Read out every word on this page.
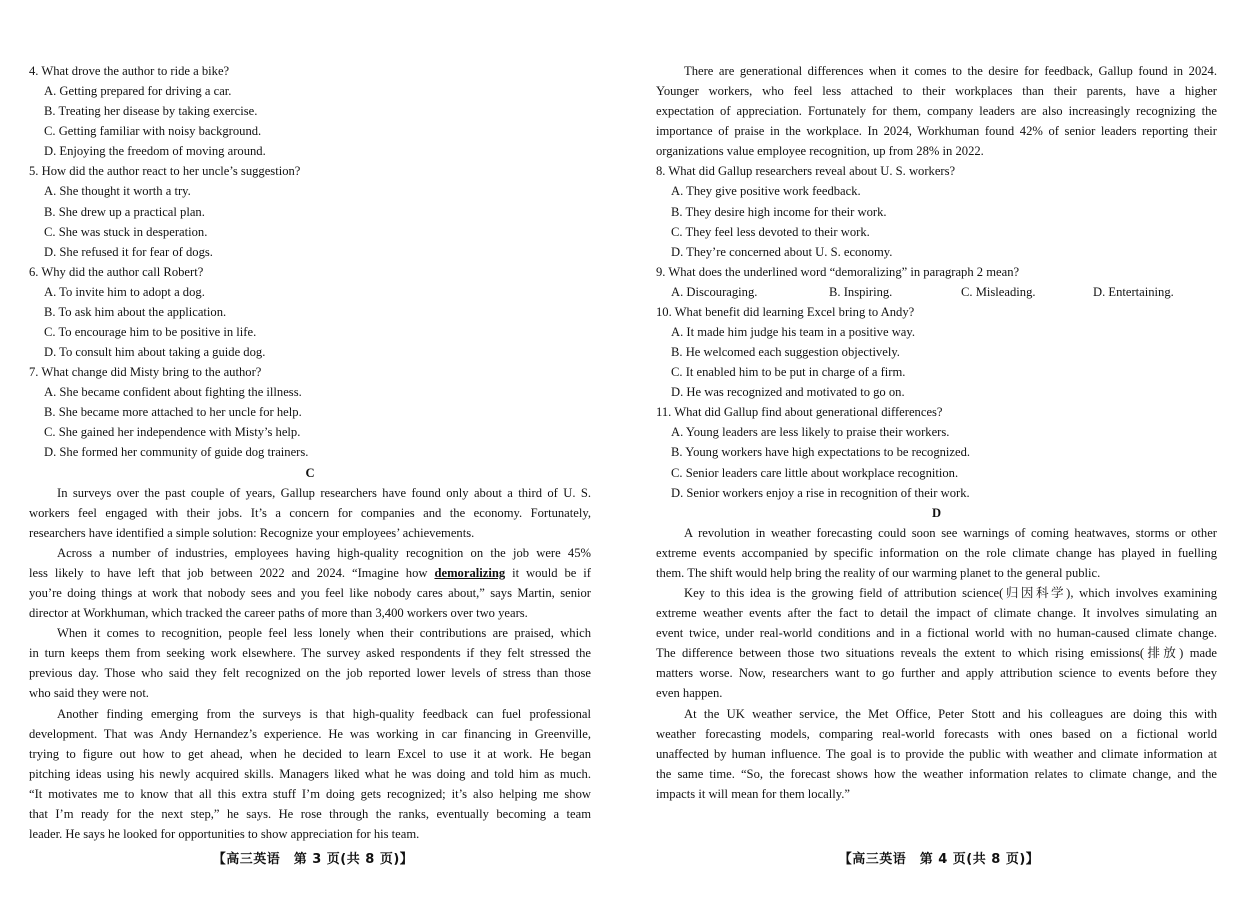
4. What drove the author to ride a bike?
A. Getting prepared for driving a car.
B. Treating her disease by taking exercise.
C. Getting familiar with noisy background.
D. Enjoying the freedom of moving around.
5. How did the author react to her uncle’s suggestion?
A. She thought it worth a try.
B. She drew up a practical plan.
C. She was stuck in desperation.
D. She refused it for fear of dogs.
6. Why did the author call Robert?
A. To invite him to adopt a dog.
B. To ask him about the application.
C. To encourage him to be positive in life.
D. To consult him about taking a guide dog.
7. What change did Misty bring to the author?
A. She became confident about fighting the illness.
B. She became more attached to her uncle for help.
C. She gained her independence with Misty’s help.
D. She formed her community of guide dog trainers.
C
In surveys over the past couple of years, Gallup researchers have found only about a third of U. S.
workers feel engaged with their jobs. It’s a concern for companies and the economy. Fortunately,
researchers have identified a simple solution: Recognize your employees’ achievements.
Across a number of industries, employees having high-quality recognition on the job were 45%
less likely to have left that job between 2022 and 2024. “Imagine how demoralizing it would be if
you’re doing things at work that nobody sees and you feel like nobody cares about,” says Martin, senior
director at Workhuman, which tracked the career paths of more than 3,400 workers over two years.
When it comes to recognition, people feel less lonely when their contributions are praised, which
in turn keeps them from seeking work elsewhere. The survey asked respondents if they felt stressed the
previous day. Those who said they felt recognized on the job reported lower levels of stress than those
who said they were not.
Another finding emerging from the surveys is that high-quality feedback can fuel professional
development. That was Andy Hernandez’s experience. He was working in car financing in Greenville,
trying to figure out how to get ahead, when he decided to learn Excel to use it at work. He began
pitching ideas using his newly acquired skills. Managers liked what he was doing and told him as much.
“It motivates me to know that all this extra stuff I’m doing gets recognized; it’s also helping me show
that I’m ready for the next step,” he says. He rose through the ranks, eventually becoming a team
leader. He says he looked for opportunities to show appreciation for his team.
【高三英语　第 3 页(共 8 页)】
There are generational differences when it comes to the desire for feedback, Gallup found in 2024.
Younger workers, who feel less attached to their workplaces than their parents, have a higher
expectation of appreciation. Fortunately for them, company leaders are also increasingly recognizing the
importance of praise in the workplace. In 2024, Workhuman found 42% of senior leaders reporting their
organizations value employee recognition, up from 28% in 2022.
8. What did Gallup researchers reveal about U. S. workers?
A. They give positive work feedback.
B. They desire high income for their work.
C. They feel less devoted to their work.
D. They’re concerned about U. S. economy.
9. What does the underlined word “demoralizing” in paragraph 2 mean?
A. Discouraging.	B. Inspiring.	C. Misleading.	D. Entertaining.
10. What benefit did learning Excel bring to Andy?
A. It made him judge his team in a positive way.
B. He welcomed each suggestion objectively.
C. It enabled him to be put in charge of a firm.
D. He was recognized and motivated to go on.
11. What did Gallup find about generational differences?
A. Young leaders are less likely to praise their workers.
B. Young workers have high expectations to be recognized.
C. Senior leaders care little about workplace recognition.
D. Senior workers enjoy a rise in recognition of their work.
D
A revolution in weather forecasting could soon see warnings of coming heatwaves, storms or other
extreme events accompanied by specific information on the role climate change has played in fuelling
them. The shift would help bring the reality of our warming planet to the general public.
Key to this idea is the growing field of attribution science(归因科学), which involves examining
extreme weather events after the fact to detail the impact of climate change. It involves simulating an
event twice, under real-world conditions and in a fictional world with no human-caused climate change.
The difference between those two situations reveals the extent to which rising emissions(排放) made
matters worse. Now, researchers want to go further and apply attribution science to events before they
even happen.
At the UK weather service, the Met Office, Peter Stott and his colleagues are doing this with
weather forecasting models, comparing real-world forecasts with ones based on a fictional world
unaffected by human influence. The goal is to provide the public with weather and climate information at
the same time. “So, the forecast shows how the weather information relates to climate change, and the
impacts it will mean for them locally.”
【高三英语　第 4 页(共 8 页)】
